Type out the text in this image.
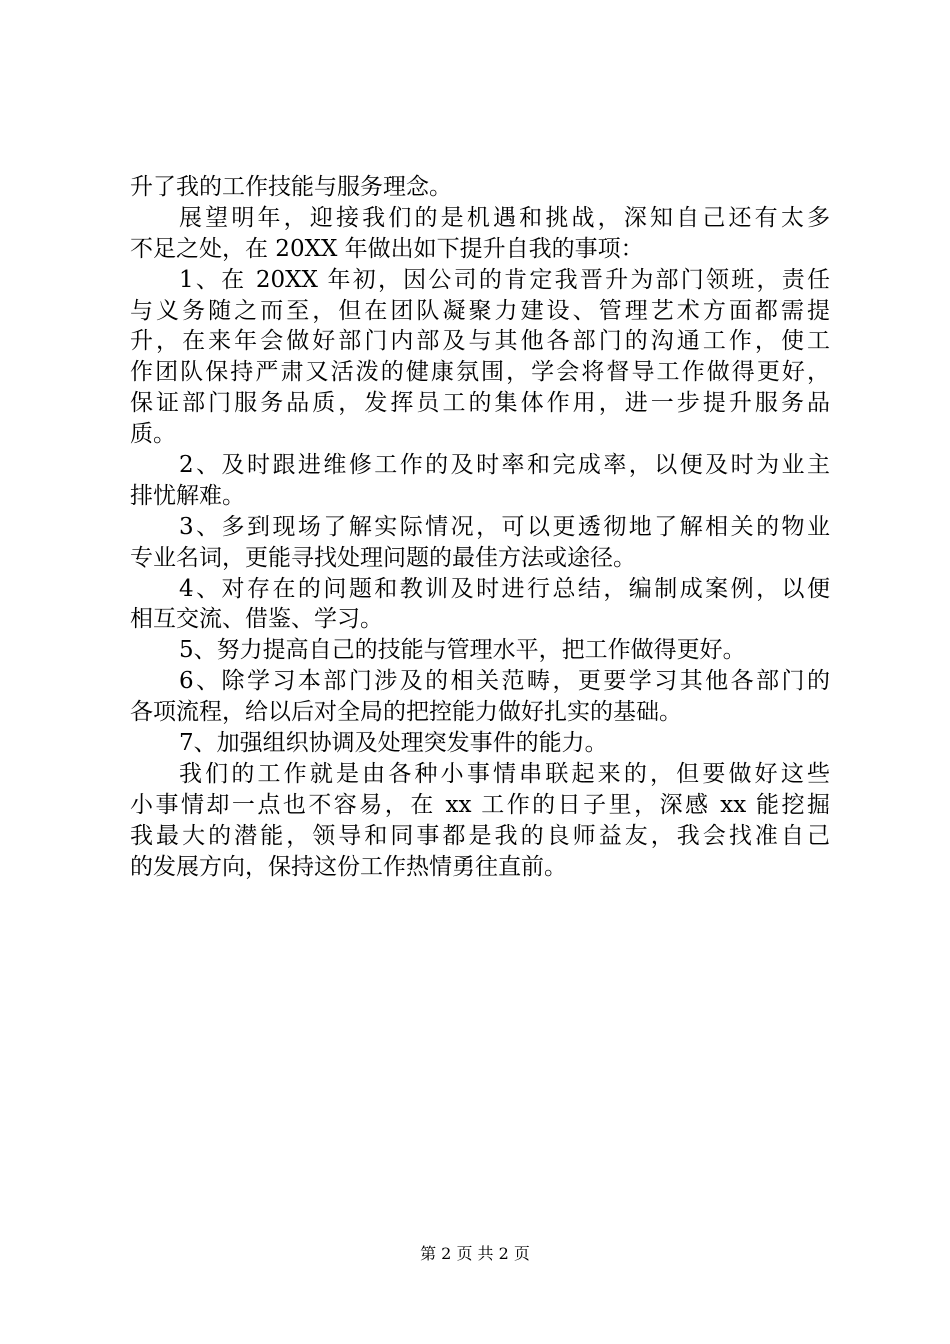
升了我的工作技能与服务理念。
展望明年，迎接我们的是机遇和挑战，深知自己还有太多
不足之处，在 20XX 年做出如下提升自我的事项：
1、在 20XX 年初，因公司的肯定我晋升为部门领班，责任
与义务随之而至，但在团队凝聚力建设、管理艺术方面都需提
升，在来年会做好部门内部及与其他各部门的沟通工作，使工
作团队保持严肃又活泼的健康氛围，学会将督导工作做得更好，
保证部门服务品质，发挥员工的集体作用，进一步提升服务品
质。
2、及时跟进维修工作的及时率和完成率，以便及时为业主
排忧解难。
3、多到现场了解实际情况，可以更透彻地了解相关的物业
专业名词，更能寻找处理问题的最佳方法或途径。
4、对存在的问题和教训及时进行总结，编制成案例，以便
相互交流、借鉴、学习。
5、努力提高自己的技能与管理水平，把工作做得更好。
6、除学习本部门涉及的相关范畴，更要学习其他各部门的
各项流程，给以后对全局的把控能力做好扎实的基础。
7、加强组织协调及处理突发事件的能力。
我们的工作就是由各种小事情串联起来的，但要做好这些
小事情却一点也不容易，在 xx 工作的日子里，深感 xx 能挖掘
我最大的潜能，领导和同事都是我的良师益友，我会找准自己
的发展方向，保持这份工作热情勇往直前。
第 2 页 共 2 页
